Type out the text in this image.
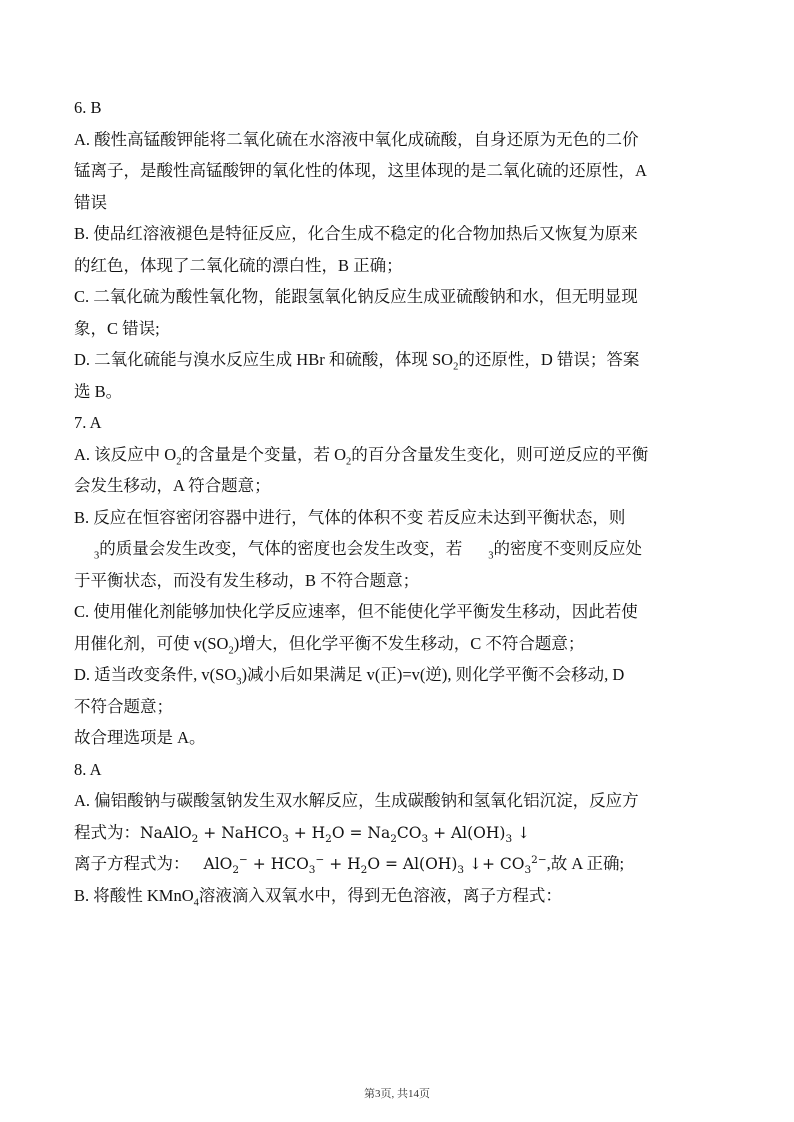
6. B
A. 酸性高锰酸钾能将二氧化硫在水溶液中氧化成硫酸，自身还原为无色的二价
锰离子，是酸性高锰酸钾的氧化性的体现，这里体现的是二氧化硫的还原性，A
错误
B. 使品红溶液褪色是特征反应，化合生成不稳定的化合物加热后又恢复为原来
的红色，体现了二氧化硫的漂白性，B 正确；
C. 二氧化硫为酸性氧化物，能跟氢氧化钠反应生成亚硫酸钠和水，但无明显现
象，C 错误;
D. 二氧化硫能与溴水反应生成 HBr 和硫酸，体现 $SO_2$的还原性，D 错误；答案
选 B。
7. A
A. 该反应中 $O_2$的含量是个变量，若 $O_2$的百分含量发生变化，则可逆反应的平衡
会发生移动，A 符合题意；
B. 反应在恒容密闭容器中进行，气体的体积不变 若反应未达到平衡状态，则
$_3$的质量会发生改变，气体的密度也会发生改变，若 $_3$的密度不变则反应处
于平衡状态，而没有发生移动，B 不符合题意；
C. 使用催化剂能够加快化学反应速率，但不能使化学平衡发生移动，因此若使
用催化剂，可使 $v(SO_2)$增大，但化学平衡不发生移动，C 不符合题意；
D. 适当改变条件, $v(SO_3)$减小后如果满足 v(正)=v(逆), 则化学平衡不会移动, D
不符合题意；
故合理选项是 A。
8. A
A. 偏铝酸钠与碳酸氢钠发生双水解反应，生成碳酸钠和氢氧化铝沉淀，反应方
程式为：NaAlO$_2$ + NaHCO$_3$ + $H_2O = Na_2CO_3 + Al(OH)_3$ ↓
离子方程式为： $AlO_2^- + HCO_3^- + H_2O = Al(OH)_3$ ↓+ $CO_3^{2-}$,故 A 正确;
B. 将酸性 KMnO$_4$溶液滴入双氧水中，得到无色溶液，离子方程式：
第3页, 共14页
